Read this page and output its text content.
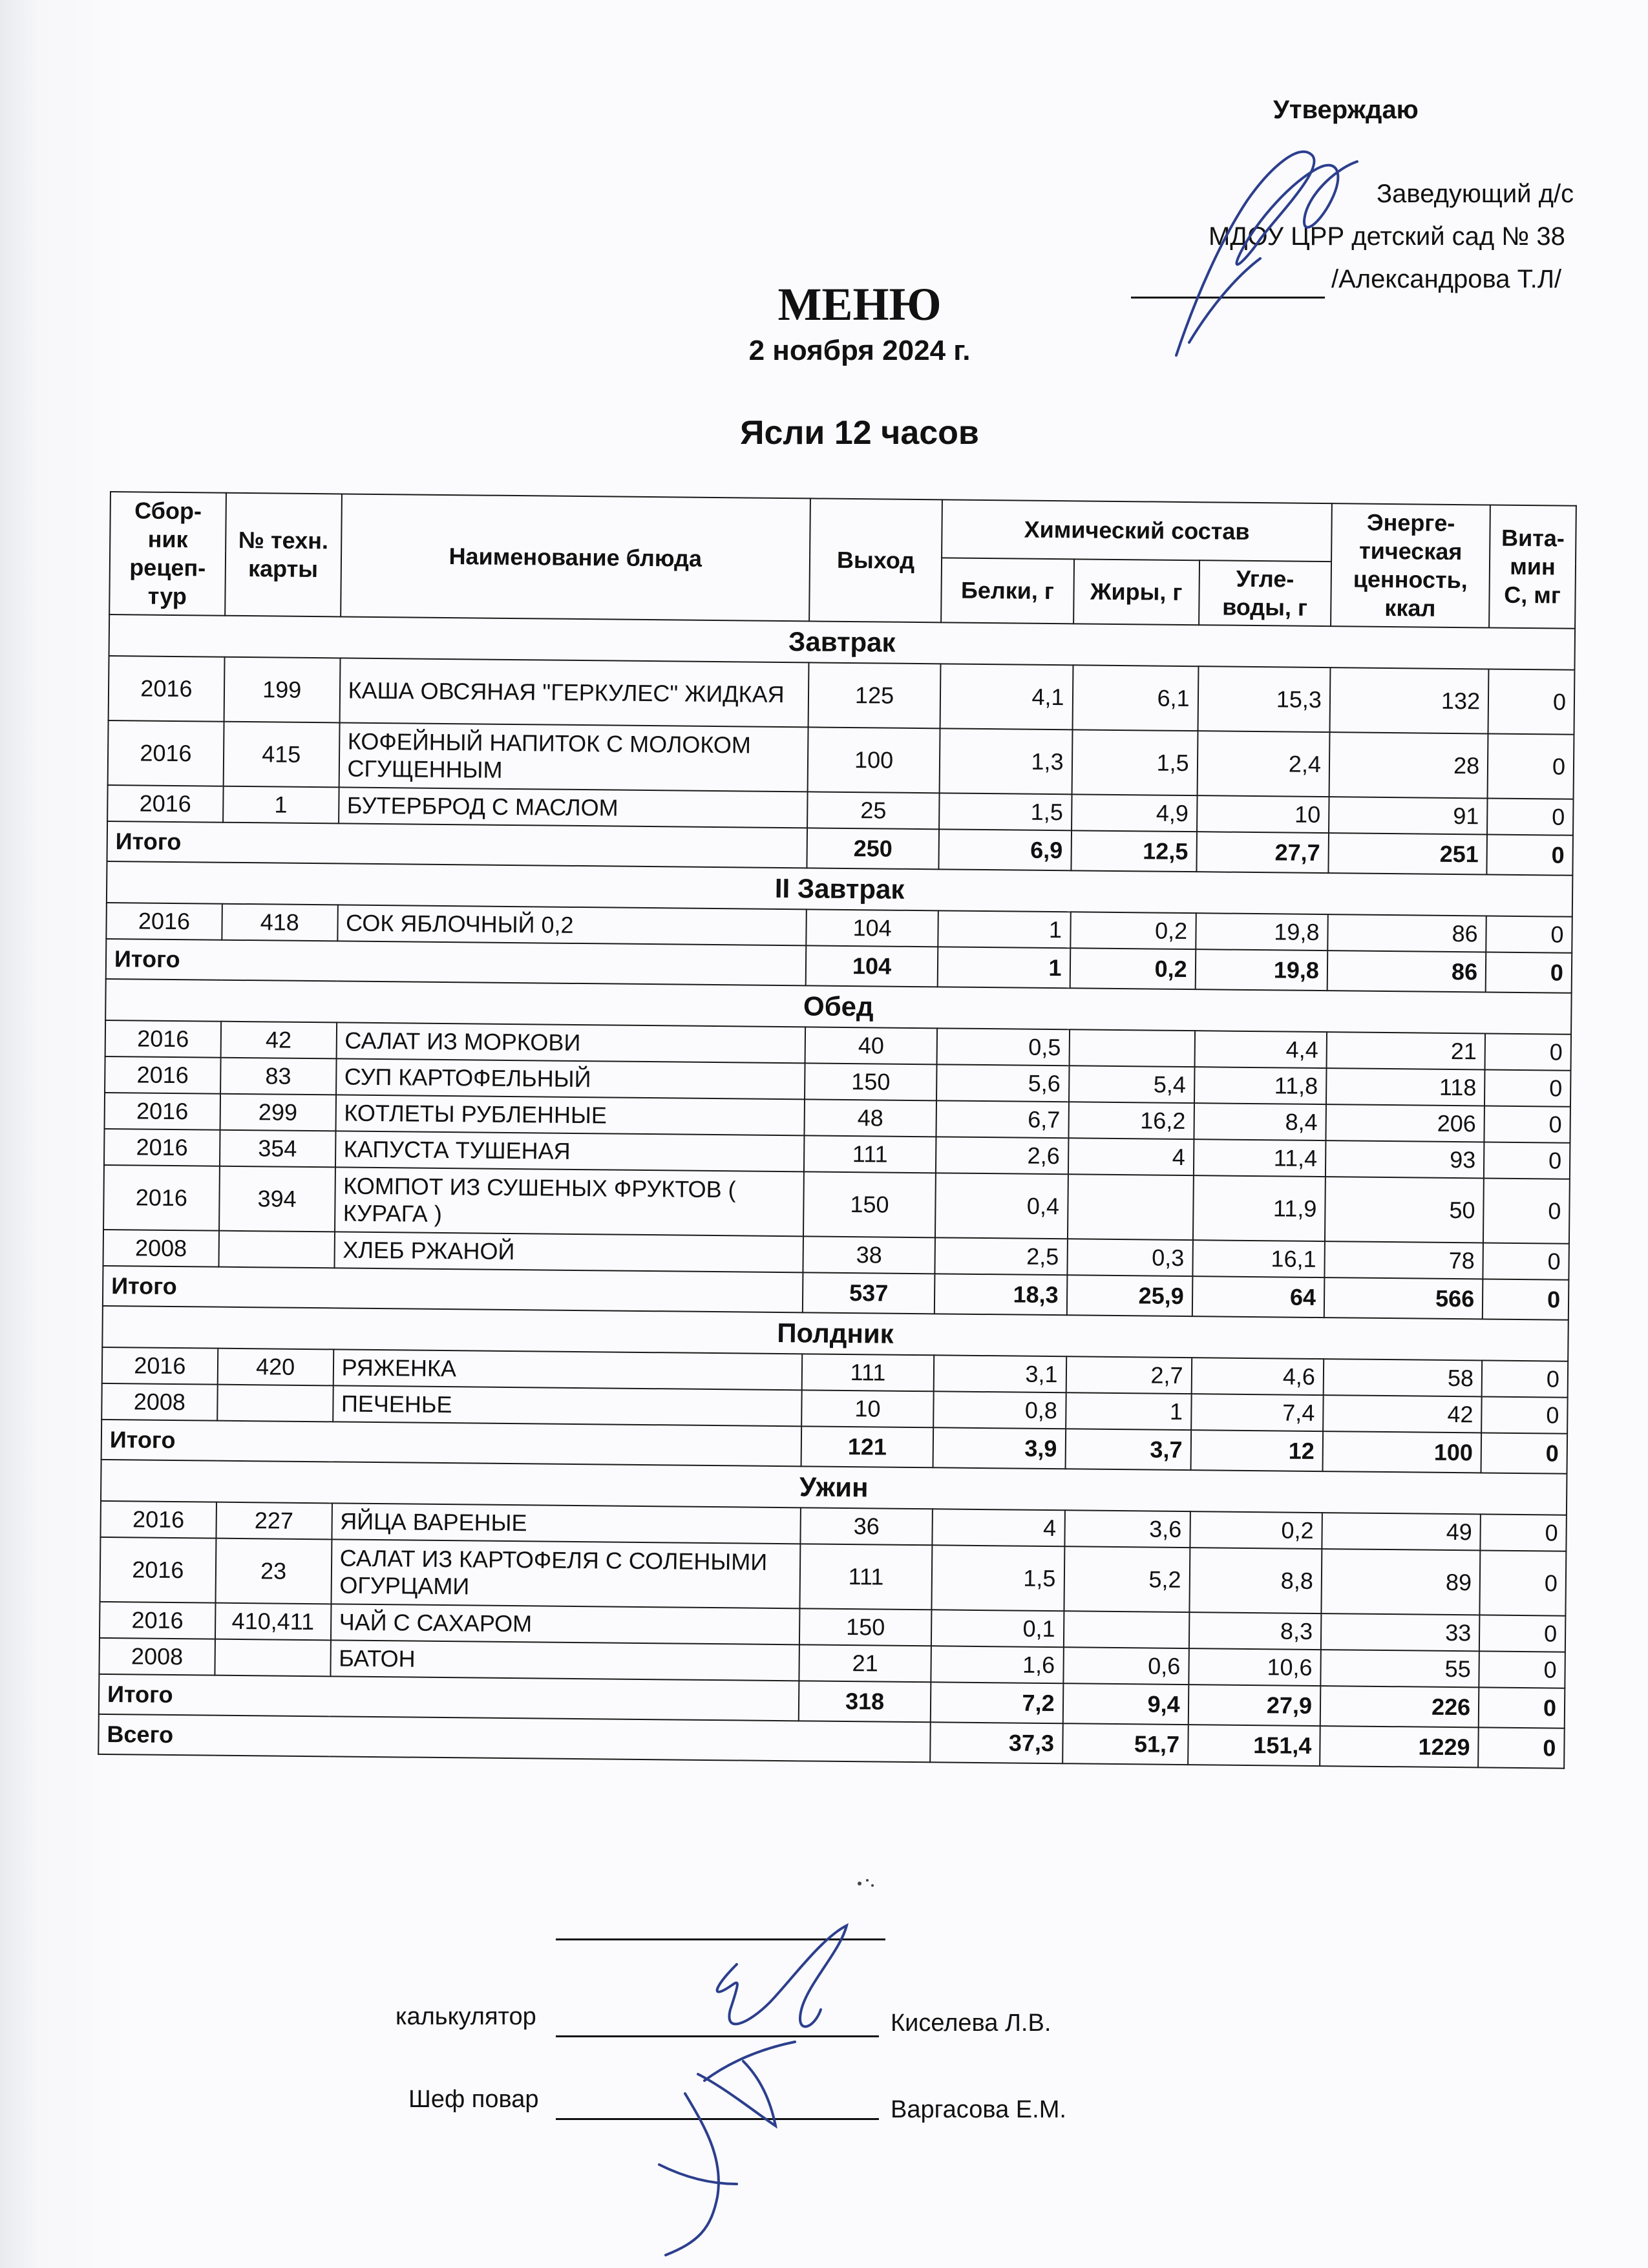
Утверждаю
Заведующий д/с
МДОУ ЦРР детский сад № 38
/Александрова Т.Л/
МЕНЮ
2 ноября 2024 г.
Ясли 12 часов
Сбор-ник рецеп-тур	№ техн. карты	Наименование блюда	Выход	Химический состав			Энерге-тическая ценность, ккал	Вита-мин С, мг
				Белки, г	Жиры, г	Угле-воды, г		
Завтрак								
2016	199	КАША ОВСЯНАЯ "ГЕРКУЛЕС" ЖИДКАЯ	125	4,1	6,1	15,3	132	0
2016	415	КОФЕЙНЫЙ НАПИТОК С МОЛОКОМ СГУЩЕННЫМ	100	1,3	1,5	2,4	28	0
2016	1	БУТЕРБРОД С МАСЛОМ	25	1,5	4,9	10	91	0
Итого			250	6,9	12,5	27,7	251	0
II Завтрак								
2016	418	СОК ЯБЛОЧНЫЙ 0,2	104	1	0,2	19,8	86	0
Итого			104	1	0,2	19,8	86	0
Обед								
2016	42	САЛАТ ИЗ МОРКОВИ	40	0,5		4,4	21	0
2016	83	СУП КАРТОФЕЛЬНЫЙ	150	5,6	5,4	11,8	118	0
2016	299	КОТЛЕТЫ РУБЛЕННЫЕ	48	6,7	16,2	8,4	206	0
2016	354	КАПУСТА ТУШЕНАЯ	111	2,6	4	11,4	93	0
2016	394	КОМПОТ ИЗ СУШЕНЫХ ФРУКТОВ ( КУРАГА )	150	0,4		11,9	50	0
2008		ХЛЕБ РЖАНОЙ	38	2,5	0,3	16,1	78	0
Итого			537	18,3	25,9	64	566	0
Полдник								
2016	420	РЯЖЕНКА	111	3,1	2,7	4,6	58	0
2008		ПЕЧЕНЬЕ	10	0,8	1	7,4	42	0
Итого			121	3,9	3,7	12	100	0
Ужин								
2016	227	ЯЙЦА ВАРЕНЫЕ	36	4	3,6	0,2	49	0
2016	23	САЛАТ ИЗ КАРТОФЕЛЯ С СОЛЕНЫМИ ОГУРЦАМИ	111	1,5	5,2	8,8	89	0
2016	410,411	ЧАЙ С САХАРОМ	150	0,1		8,3	33	0
2008		БАТОН	21	1,6	0,6	10,6	55	0
Итого			318	7,2	9,4	27,9	226	0
Всего				37,3	51,7	151,4	1229	0
калькулятор	Киселева Л.В.
Шеф повар	Варгасова Е.М.
